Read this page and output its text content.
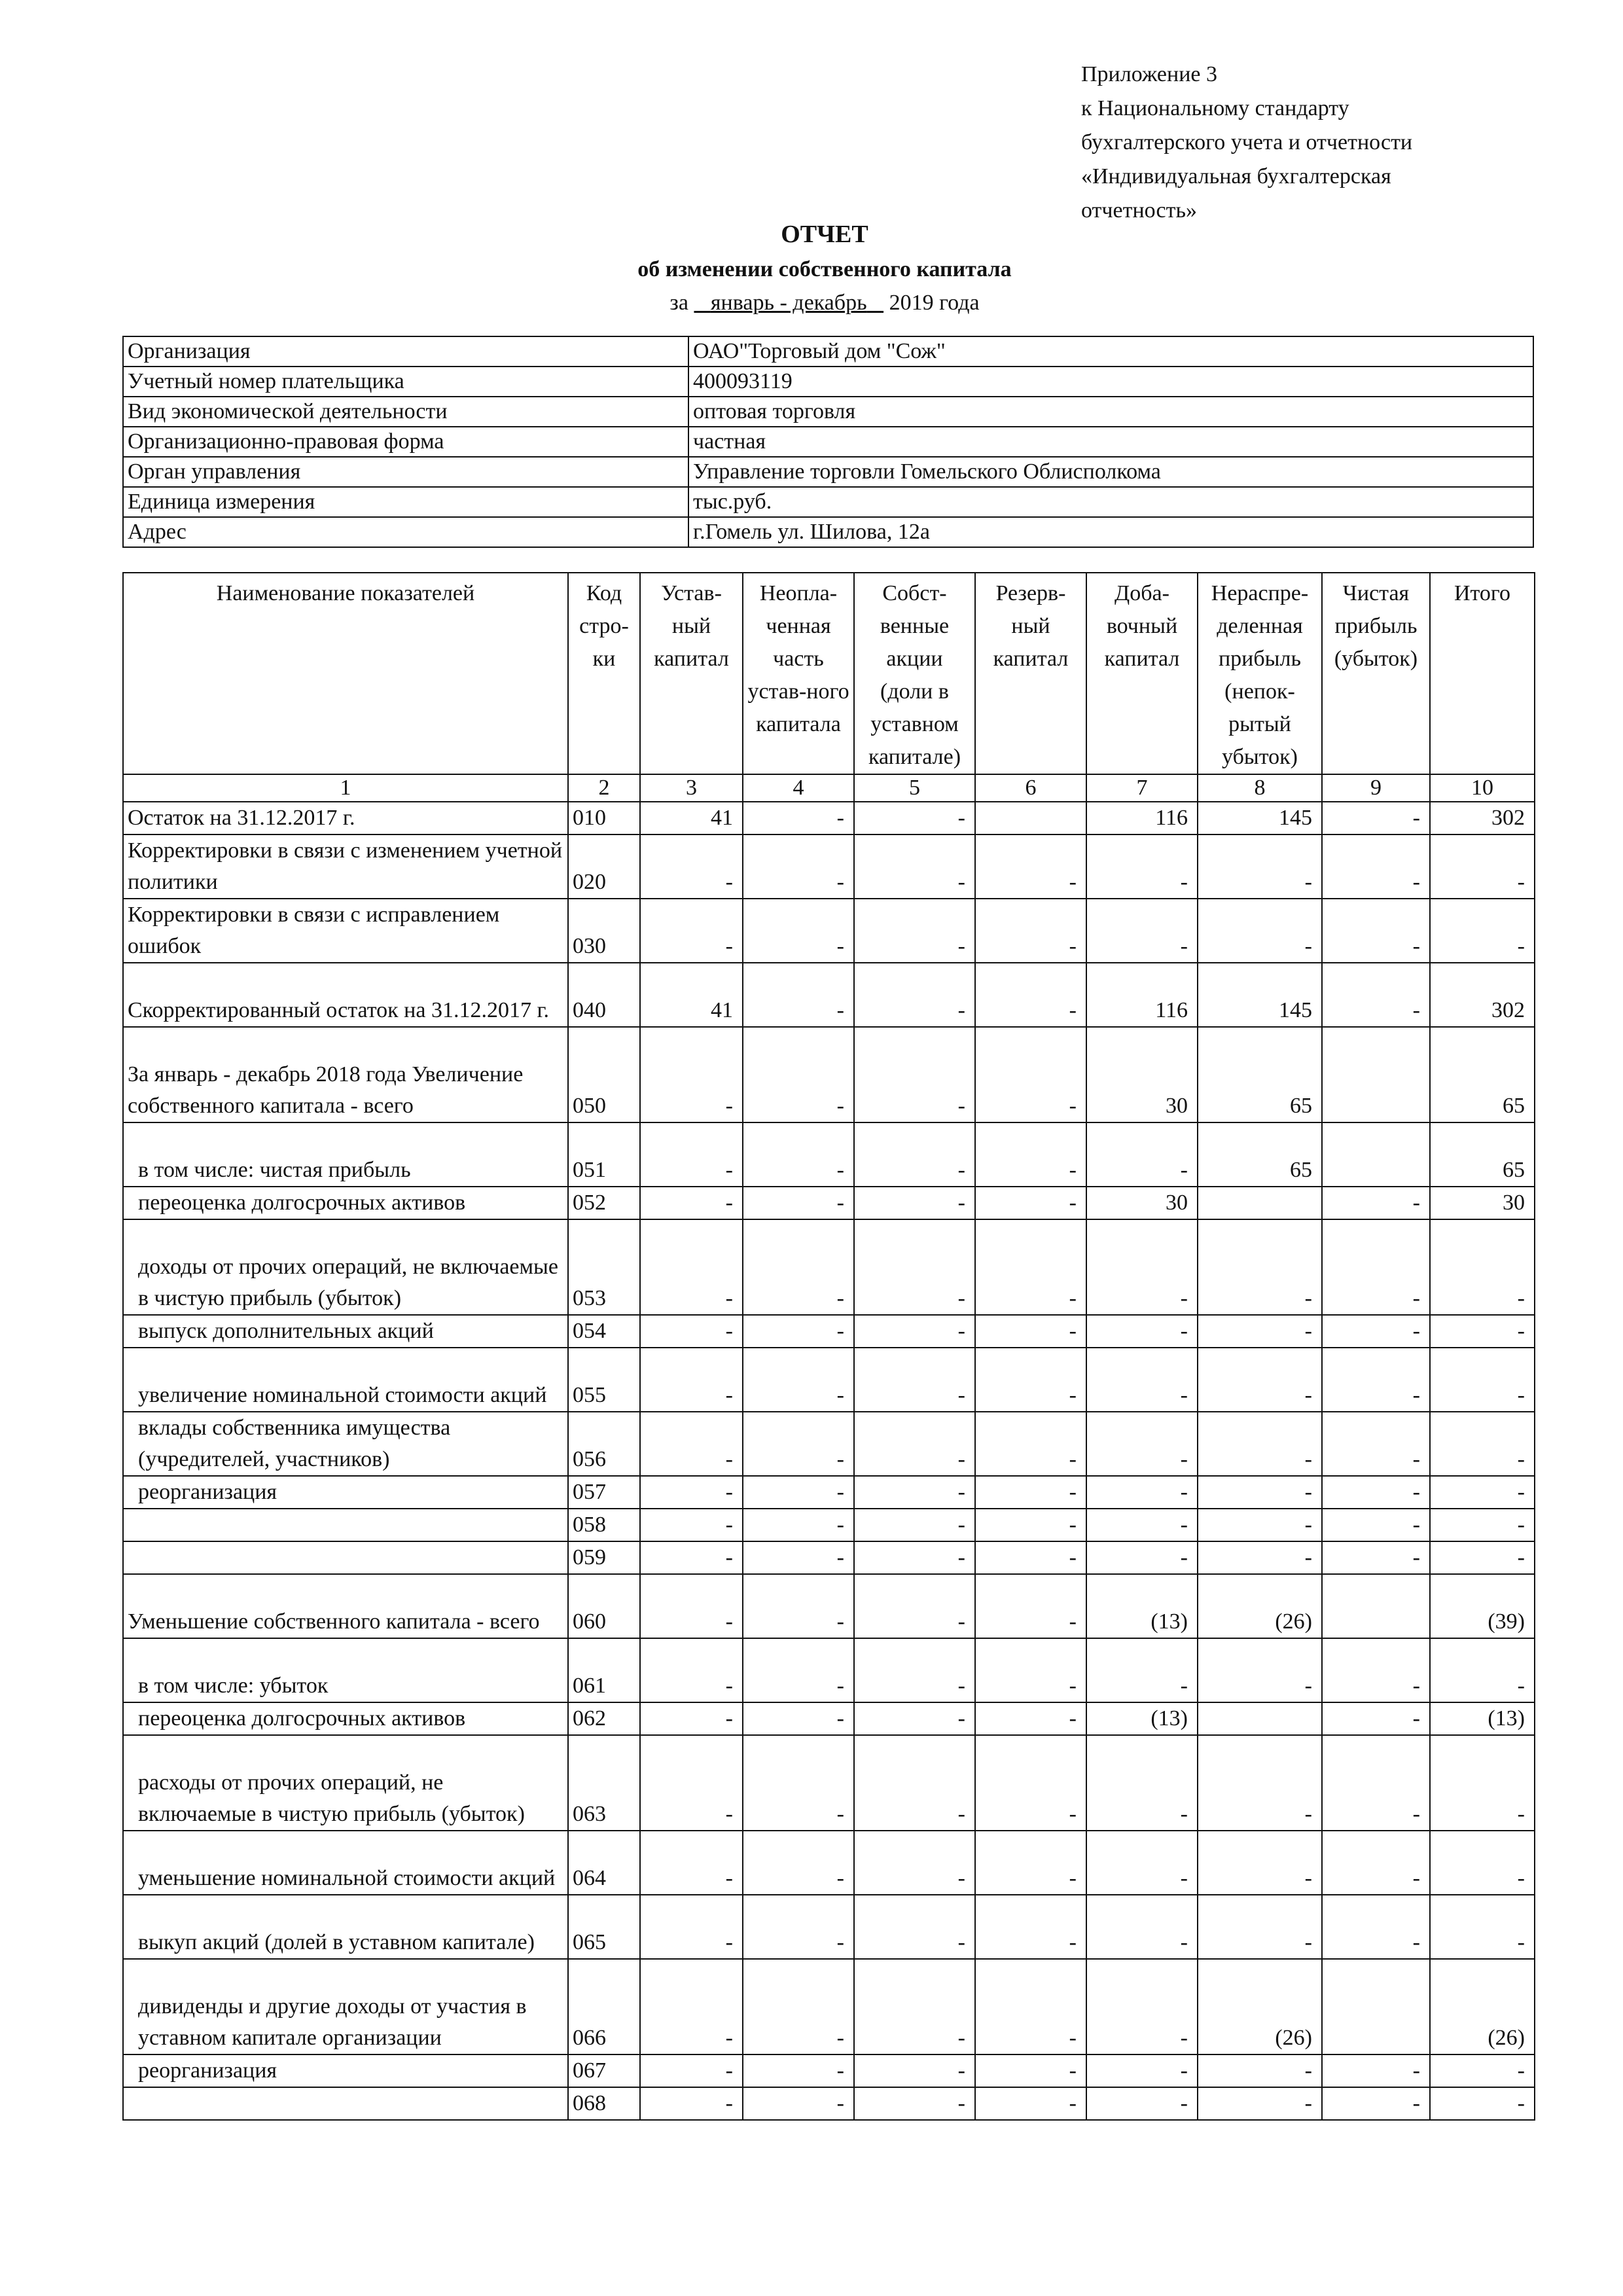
Приложение 3
к Национальному стандарту
бухгалтерского учета и отчетности
«Индивидуальная бухгалтерская
отчетность»
ОТЧЕТ
об изменении собственного капитала
за январь - декабрь 2019 года
Организация	ОАО"Торговый дом "Сож"
Учетный номер плательщика	400093119
Вид экономической деятельности	оптовая торговля
Организационно-правовая форма	частная
Орган управления	Управление торговли Гомельского Облисполкома
Единица измерения	тыс.руб.
Адрес	г.Гомель ул. Шилова, 12а
Наименование показателей	Код стро-ки	Устав-ный капитал	Неопла-ченная часть устав-ного капитала	Собст-венные акции (доли в уставном капитале)	Резерв-ный капитал	Доба-вочный капитал	Нераспре-деленная прибыль (непок-рытый убыток)	Чистая прибыль (убыток)	Итого
1	2	3	4	5	6	7	8	9	10
Остаток на 31.12.2017 г.	010	41	-	-		116	145	-	302
Корректировки в связи с изменением учетной политики	020	-	-	-	-	-	-	-	-
Корректировки в связи с исправлением ошибок	030	-	-	-	-	-	-	-	-
Скорректированный остаток на 31.12.2017 г.	040	41	-	-	-	116	145	-	302
За январь - декабрь 2018 года Увеличение собственного капитала - всего	050	-	-	-	-	30	65		65
в том числе: чистая прибыль	051	-	-	-	-	-	65		65
переоценка долгосрочных активов	052	-	-	-	-	30		-	30
доходы от прочих операций, не включаемые в чистую прибыль (убыток)	053	-	-	-	-	-	-	-	-
выпуск дополнительных акций	054	-	-	-	-	-	-	-	-
увеличение номинальной стоимости акций	055	-	-	-	-	-	-	-	-
вклады собственника имущества (учредителей, участников)	056	-	-	-	-	-	-	-	-
реорганизация	057	-	-	-	-	-	-	-	-
	058	-	-	-	-	-	-	-	-
	059	-	-	-	-	-	-	-	-
Уменьшение собственного капитала - всего	060	-	-	-	-	(13)	(26)		(39)
в том числе: убыток	061	-	-	-	-	-	-	-	-
переоценка долгосрочных активов	062	-	-	-	-	(13)		-	(13)
расходы от прочих операций, не включаемые в чистую прибыль (убыток)	063	-	-	-	-	-	-	-	-
уменьшение номинальной стоимости акций	064	-	-	-	-	-	-	-	-
выкуп акций (долей в уставном капитале)	065	-	-	-	-	-	-	-	-
дивиденды и другие доходы от участия в уставном капитале организации	066	-	-	-	-	-	(26)		(26)
реорганизация	067	-	-	-	-	-	-	-	-
	068	-	-	-	-	-	-	-	-
